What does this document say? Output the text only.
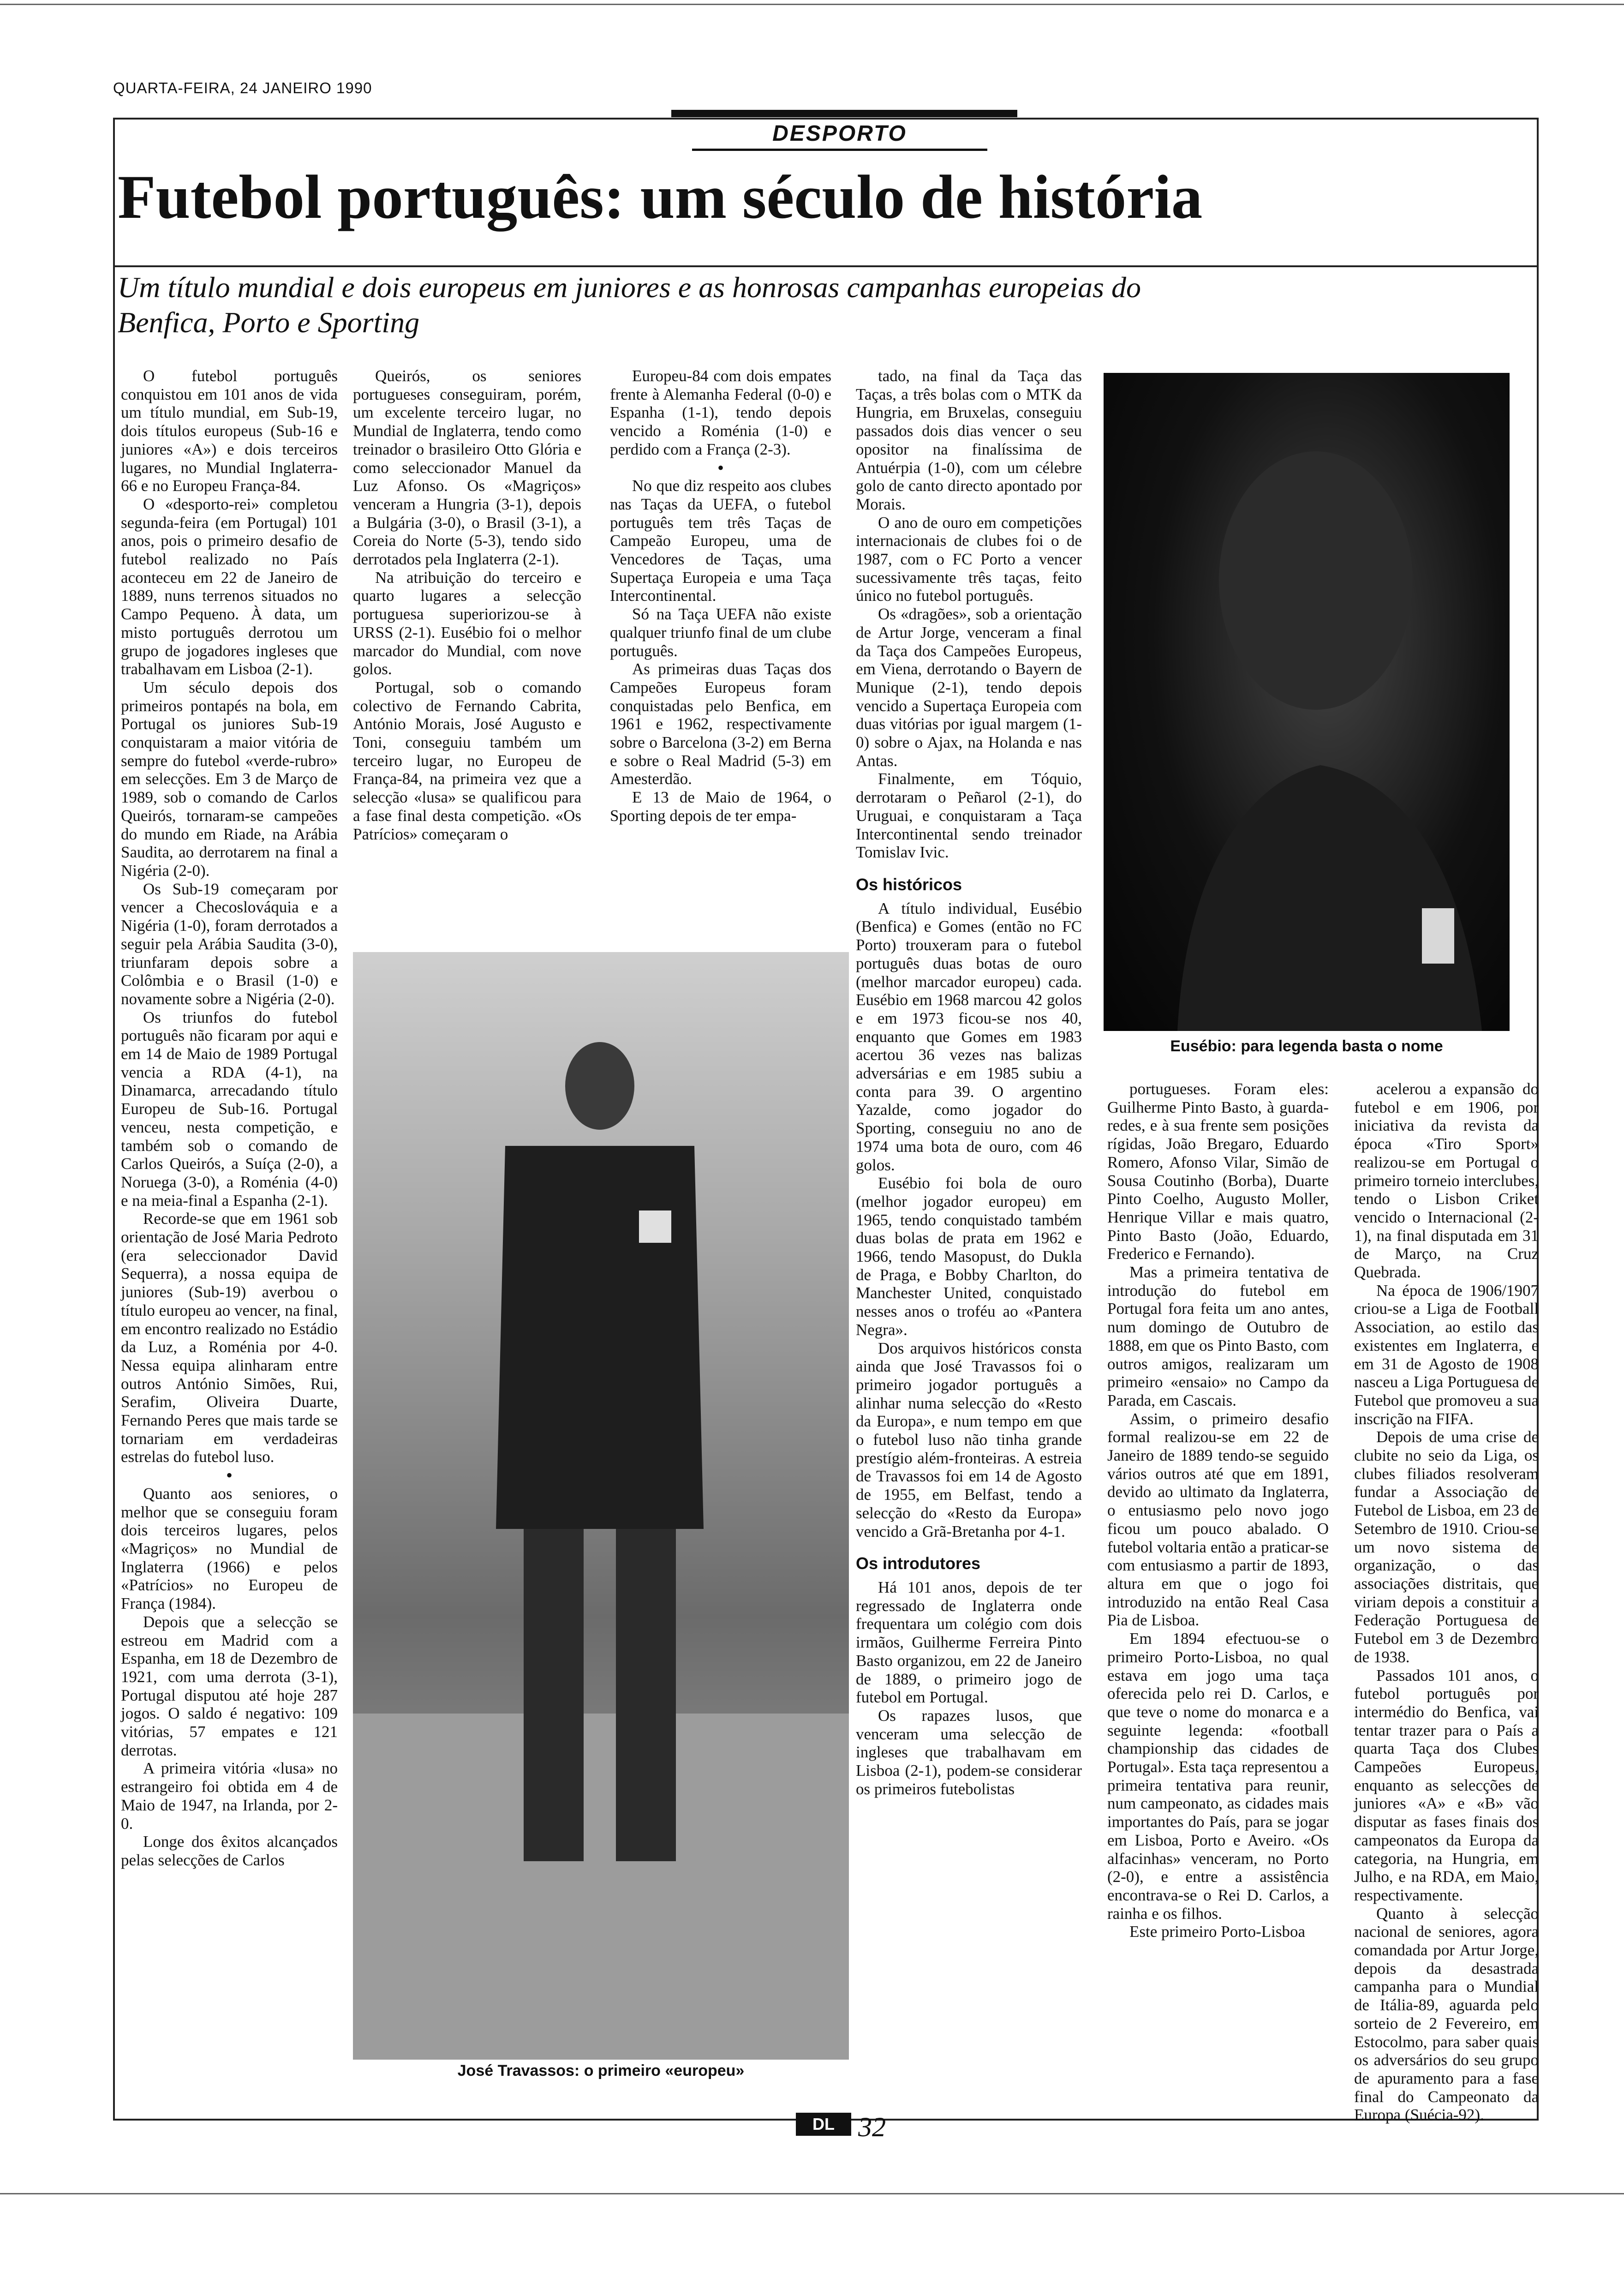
QUARTA-FEIRA, 24 JANEIRO 1990
DESPORTO
Futebol português: um século de história
Um título mundial e dois europeus em juniores e as honrosas campanhas europeias do Benfica, Porto e Sporting

O futebol português conquistou em 101 anos de vida um título mundial, em Sub-19, dois títulos europeus (Sub-16 e juniores «A») e dois terceiros lugares, no Mundial Inglaterra-66 e no Europeu França-84.

O «desporto-rei» completou segunda-feira (em Portugal) 101 anos, pois o primeiro desafio de futebol realizado no País aconteceu em 22 de Janeiro de 1889, nuns terrenos situados no Campo Pequeno. À data, um misto português derrotou um grupo de jogadores ingleses que trabalhavam em Lisboa (2-1).

Um século depois dos primeiros pontapés na bola, em Portugal os juniores Sub-19 conquistaram a maior vitória de sempre do futebol «verde-rubro» em selecções. Em 3 de Março de 1989, sob o comando de Carlos Queirós, tornaram-se campeões do mundo em Riade, na Arábia Saudita, ao derrotarem na final a Nigéria (2-0).

Os Sub-19 começaram por vencer a Checoslováquia e a Nigéria (1-0), foram derrotados a seguir pela Arábia Saudita (3-0), triunfaram depois sobre a Colômbia e o Brasil (1-0) e novamente sobre a Nigéria (2-0).

Os triunfos do futebol português não ficaram por aqui e em 14 de Maio de 1989 Portugal vencia a RDA (4-1), na Dinamarca, arrecadando título Europeu de Sub-16. Portugal venceu, nesta competição, e também sob o comando de Carlos Queirós, a Suíça (2-0), a Noruega (3-0), a Roménia (4-0) e na meia-final a Espanha (2-1).

Recorde-se que em 1961 sob orientação de José Maria Pedroto (era seleccionador David Sequerra), a nossa equipa de juniores (Sub-19) averbou o título europeu ao vencer, na final, em encontro realizado no Estádio da Luz, a Roménia por 4-0. Nessa equipa alinharam entre outros António Simões, Rui, Serafim, Oliveira Duarte, Fernando Peres que mais tarde se tornariam em verdadeiras estrelas do futebol luso.

•

Quanto aos seniores, o melhor que se conseguiu foram dois terceiros lugares, pelos «Magriços» no Mundial de Inglaterra (1966) e pelos «Patrícios» no Europeu de França (1984).

Depois que a selecção se estreou em Madrid com a Espanha, em 18 de Dezembro de 1921, com uma derrota (3-1), Portugal disputou até hoje 287 jogos. O saldo é negativo: 109 vitórias, 57 empates e 121 derrotas.

A primeira vitória «lusa» no estrangeiro foi obtida em 4 de Maio de 1947, na Irlanda, por 2-0.

Longe dos êxitos alcançados pelas selecções de Carlos

Queirós, os seniores portugueses conseguiram, porém, um excelente terceiro lugar, no Mundial de Inglaterra, tendo como treinador o brasileiro Otto Glória e como seleccionador Manuel da Luz Afonso. Os «Magriços» venceram a Hungria (3-1), depois a Bulgária (3-0), o Brasil (3-1), a Coreia do Norte (5-3), tendo sido derrotados pela Inglaterra (2-1).

Na atribuição do terceiro e quarto lugares a selecção portuguesa superiorizou-se à URSS (2-1). Eusébio foi o melhor marcador do Mundial, com nove golos.

Portugal, sob o comando colectivo de Fernando Cabrita, António Morais, José Augusto e Toni, conseguiu também um terceiro lugar, no Europeu de França-84, na primeira vez que a selecção «lusa» se qualificou para a fase final desta competição. «Os Patrícios» começaram o

Europeu-84 com dois empates frente à Alemanha Federal (0-0) e Espanha (1-1), tendo depois vencido a Roménia (1-0) e perdido com a França (2-3).

•

No que diz respeito aos clubes nas Taças da UEFA, o futebol português tem três Taças de Campeão Europeu, uma de Vencedores de Taças, uma Supertaça Europeia e uma Taça Intercontinental.

Só na Taça UEFA não existe qualquer triunfo final de um clube português.

As primeiras duas Taças dos Campeões Europeus foram conquistadas pelo Benfica, em 1961 e 1962, respectivamente sobre o Barcelona (3-2) em Berna e sobre o Real Madrid (5-3) em Amesterdão.

E 13 de Maio de 1964, o Sporting depois de ter empa-

tado, na final da Taça das Taças, a três bolas com o MTK da Hungria, em Bruxelas, conseguiu passados dois dias vencer o seu opositor na finalíssima de Antuérpia (1-0), com um célebre golo de canto directo apontado por Morais.

O ano de ouro em competições internacionais de clubes foi o de 1987, com o FC Porto a vencer sucessivamente três taças, feito único no futebol português.

Os «dragões», sob a orientação de Artur Jorge, venceram a final da Taça dos Campeões Europeus, em Viena, derrotando o Bayern de Munique (2-1), tendo depois vencido a Supertaça Europeia com duas vitórias por igual margem (1-0) sobre o Ajax, na Holanda e nas Antas.

Finalmente, em Tóquio, derrotaram o Peñarol (2-1), do Uruguai, e conquistaram a Taça Intercontinental sendo treinador Tomislav Ivic.

Os históricos

A título individual, Eusébio (Benfica) e Gomes (então no FC Porto) trouxeram para o futebol português duas botas de ouro (melhor marcador europeu) cada. Eusébio em 1968 marcou 42 golos e em 1973 ficou-se nos 40, enquanto que Gomes em 1983 acertou 36 vezes nas balizas adversárias e em 1985 subiu a conta para 39. O argentino Yazalde, como jogador do Sporting, conseguiu no ano de 1974 uma bota de ouro, com 46 golos.

Eusébio foi bola de ouro (melhor jogador europeu) em 1965, tendo conquistado também duas bolas de prata em 1962 e 1966, tendo Masopust, do Dukla de Praga, e Bobby Charlton, do Manchester United, conquistado nesses anos o troféu ao «Pantera Negra».

Dos arquivos históricos consta ainda que José Travassos foi o primeiro jogador português a alinhar numa selecção do «Resto da Europa», e num tempo em que o futebol luso não tinha grande prestígio além-fronteiras. A estreia de Travassos foi em 14 de Agosto de 1955, em Belfast, tendo a selecção do «Resto da Europa» vencido a Grã-Bretanha por 4-1.

Os introdutores

Há 101 anos, depois de ter regressado de Inglaterra onde frequentara um colégio com dois irmãos, Guilherme Ferreira Pinto Basto organizou, em 22 de Janeiro de 1889, o primeiro jogo de futebol em Portugal.

Os rapazes lusos, que venceram uma selecção de ingleses que trabalhavam em Lisboa (2-1), podem-se considerar os primeiros futebolistas

portugueses. Foram eles: Guilherme Pinto Basto, à guarda-redes, e à sua frente sem posições rígidas, João Bregaro, Eduardo Romero, Afonso Vilar, Simão de Sousa Coutinho (Borba), Duarte Pinto Coelho, Augusto Moller, Henrique Villar e mais quatro, Pinto Basto (João, Eduardo, Frederico e Fernando).

Mas a primeira tentativa de introdução do futebol em Portugal fora feita um ano antes, num domingo de Outubro de 1888, em que os Pinto Basto, com outros amigos, realizaram um primeiro «ensaio» no Campo da Parada, em Cascais.

Assim, o primeiro desafio formal realizou-se em 22 de Janeiro de 1889 tendo-se seguido vários outros até que em 1891, devido ao ultimato da Inglaterra, o entusiasmo pelo novo jogo ficou um pouco abalado. O futebol voltaria então a praticar-se com entusiasmo a partir de 1893, altura em que o jogo foi introduzido na então Real Casa Pia de Lisboa.

Em 1894 efectuou-se o primeiro Porto-Lisboa, no qual estava em jogo uma taça oferecida pelo rei D. Carlos, e que teve o nome do monarca e a seguinte legenda: «football championship das cidades de Portugal». Esta taça representou a primeira tentativa para reunir, num campeonato, as cidades mais importantes do País, para se jogar em Lisboa, Porto e Aveiro. «Os alfacinhas» venceram, no Porto (2-0), e entre a assistência encontrava-se o Rei D. Carlos, a rainha e os filhos.

Este primeiro Porto-Lisboa

acelerou a expansão do futebol e em 1906, por iniciativa da revista da época «Tiro Sport» realizou-se em Portugal o primeiro torneio interclubes, tendo o Lisbon Criket vencido o Internacional (2-1), na final disputada em 31 de Março, na Cruz Quebrada.

Na época de 1906/1907 criou-se a Liga de Football Association, ao estilo das existentes em Inglaterra, e em 31 de Agosto de 1908 nasceu a Liga Portuguesa de Futebol que promoveu a sua inscrição na FIFA.

Depois de uma crise de clubite no seio da Liga, os clubes filiados resolveram fundar a Associação de Futebol de Lisboa, em 23 de Setembro de 1910. Criou-se um novo sistema de organização, o das associações distritais, que viriam depois a constituir a Federação Portuguesa de Futebol em 3 de Dezembro de 1938.

Passados 101 anos, o futebol português por intermédio do Benfica, vai tentar trazer para o País a quarta Taça dos Clubes Campeões Europeus, enquanto as selecções de juniores «A» e «B» vão disputar as fases finais dos campeonatos da Europa da categoria, na Hungria, em Julho, e na RDA, em Maio, respectivamente.

Quanto à selecção nacional de seniores, agora comandada por Artur Jorge, depois da desastrada campanha para o Mundial de Itália-89, aguarda pelo sorteio de 2 Fevereiro, em Estocolmo, para saber quais os adversários do seu grupo de apuramento para a fase final do Campeonato da Europa (Suécia-92).

Eusébio: para legenda basta o nome
José Travassos: o primeiro «europeu»
DL 32
